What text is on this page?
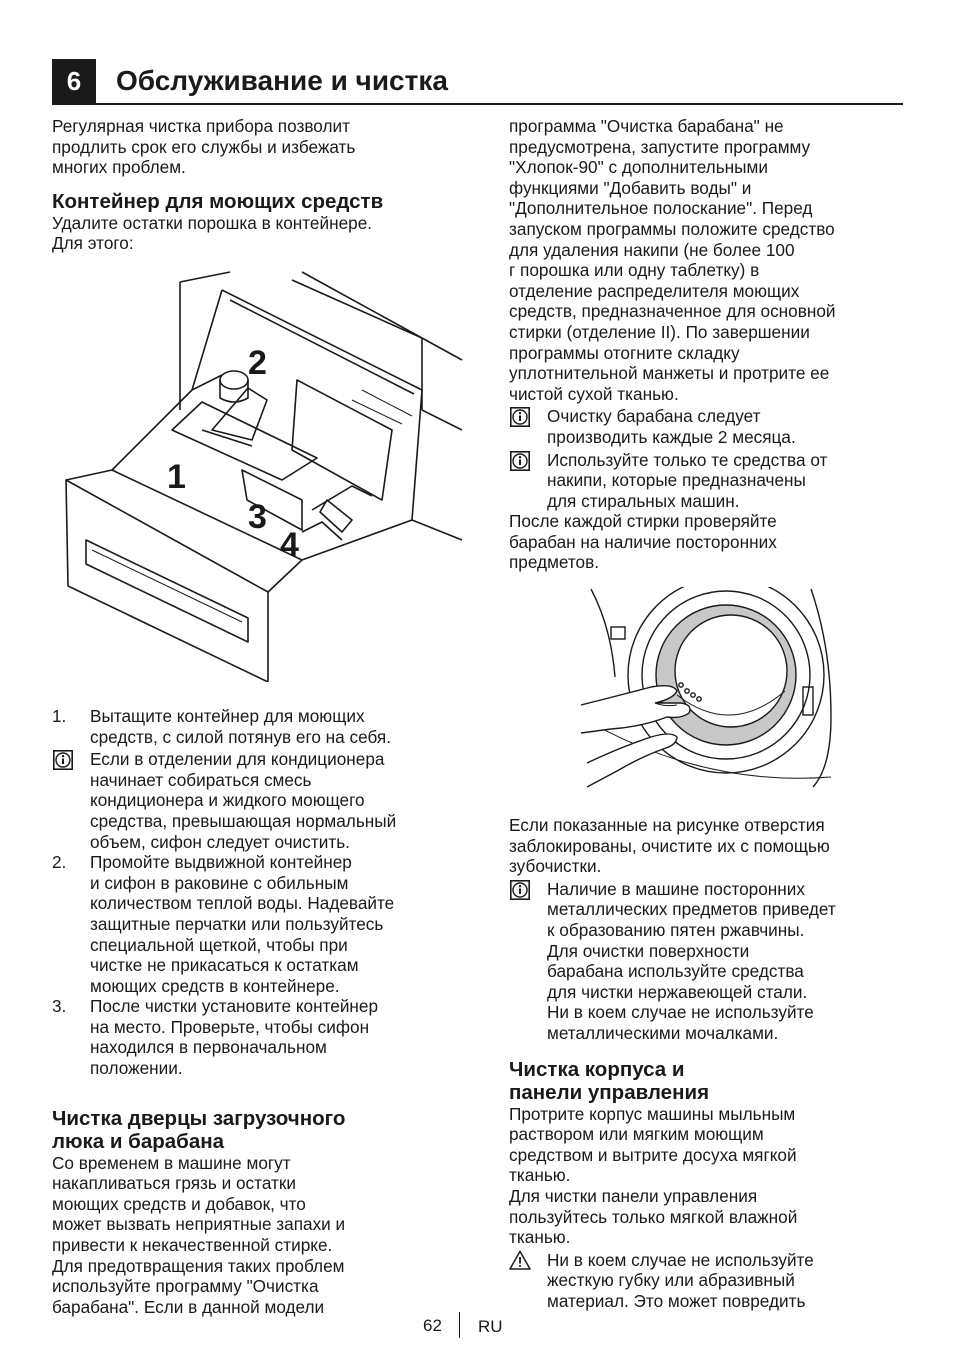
6	Обслуживание и чистка

Регулярная чистка прибора позволит
продлить срок его службы и избежать
многих проблем.

Контейнер для моющих средств

Удалите остатки порошка в контейнере.
Для этого:

2
1
3
4
1. Вытащите контейнер для моющих
средств, с силой потянув его на себя.

Если в отделении для кондиционера
начинает собираться смесь
кондиционера и жидкого моющего
средства, превышающая нормальный
объем, сифон следует очистить.

2. Промойте выдвижной контейнер
и сифон в раковине с обильным
количеством теплой воды. Надевайте
защитные перчатки или пользуйтесь
специальной щеткой, чтобы при
чистке не прикасаться к остаткам
моющих средств в контейнере.

3. После чистки установите контейнер
на место. Проверьте, чтобы сифон
находился в первоначальном
положении.

Чистка дверцы загрузочного
люка и барабана

Со временем в машине могут
накапливаться грязь и остатки
моющих средств и добавок, что
может вызвать неприятные запахи и
привести к некачественной стирке.
Для предотвращения таких проблем
используйте программу "Очистка
барабана". Если в данной модели

программа "Очистка барабана" не
предусмотрена, запустите программу
"Хлопок-90" с дополнительными
функциями "Добавить воды" и
"Дополнительное полоскание". Перед
запуском программы положите средство
для удаления накипи (не более 100
г порошка или одну таблетку) в
отделение распределителя моющих
средств, предназначенное для основной
стирки (отделение II). По завершении
программы отогните складку
уплотнительной манжеты и протрите ее
чистой сухой тканью.

Очистку барабана следует
производить каждые 2 месяца.

Используйте только те средства от
накипи, которые предназначены
для стиральных машин.

После каждой стирки проверяйте
барабан на наличие посторонних
предметов.

Если показанные на рисунке отверстия
заблокированы, очистите их с помощью
зубочистки.

Наличие в машине посторонних
металлических предметов приведет
к образованию пятен ржавчины.
Для очистки поверхности
барабана используйте средства
для чистки нержавеющей стали.
Ни в коем случае не используйте
металлическими мочалками.

Чистка корпуса и
панели управления

Протрите корпус машины мыльным
раствором или мягким моющим
средством и вытрите досуха мягкой
тканью.

Для чистки панели управления
пользуйтесь только мягкой влажной
тканью.

Ни в коем случае не используйте
жесткую губку или абразивный
материал. Это может повредить

62 RU
